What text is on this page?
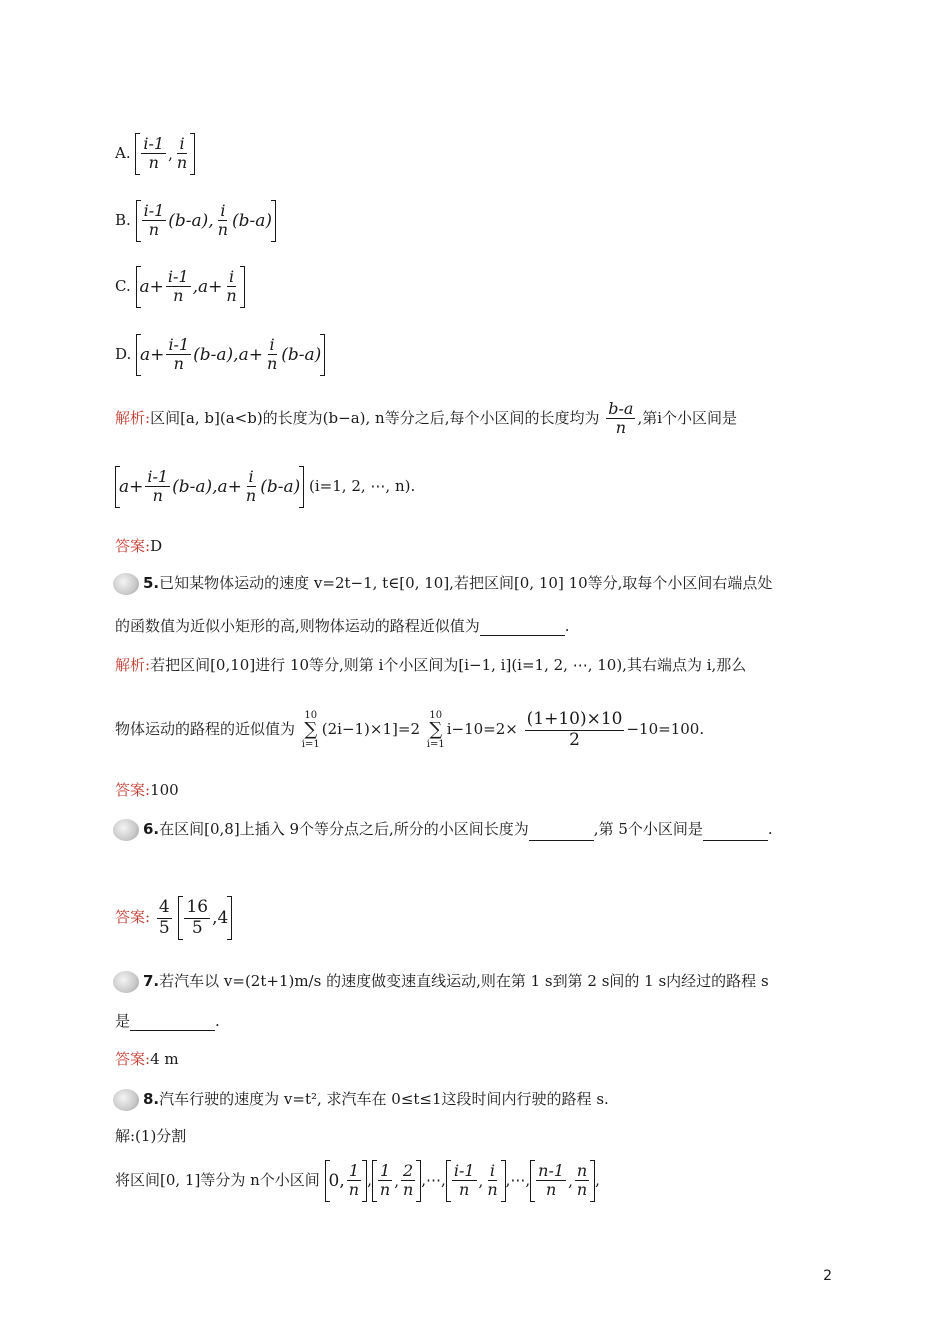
A. $\frac{i-1}{n}$ , $\frac{i}{n}$
B. $\frac{i-1}{n} (b-a)$, $\frac{i}{n} (b-a)$
C. $a+ \frac{i-1}{n} ,a+ \frac{i}{n}$
D. $a+ \frac{i-1}{n} (b-a),a+ \frac{i}{n} (b-a)$
解析:区间[a, b](a<b)的长度为(b−a), n等分之后,每个小区间的长度均为 $\frac{b-a}{n}$ ,第i个小区间是
$a+ \frac{i-1}{n} (b-a),a+ \frac{i}{n} (b-a)$ (i=1, 2, ⋯, n).
答案:D
5.已知某物体运动的速度 v=2t−1, t∈[0, 10],若把区间[0, 10] 10等分,取每个小区间右端点处
的函数值为近似小矩形的高,则物体运动的路程近似值为	.
解析:若把区间[0,10]进行 10等分,则第 i个小区间为[i−1, i](i=1, 2, ⋯, 10),其右端点为 i,那么
物体运动的路程的近似值为
10
∑
i=1
(2i−1)×1]=2
10
∑
i=1
$i-10=2\times \frac{(1+10)\times 10}{2} -10=100$.
答案:100
6.在区间[0,8]上插入 9个等分点之后,所分的小区间长度为	,第 5个小区间是	.
答案: $\frac{4}{5}$
$\frac{16}{5}$ , 4
7.若汽车以 v=(2t+1)m/s 的速度做变速直线运动,则在第 1 s到第 2 s间的 1 s内经过的路程 s
是	.
答案:4 m
8.汽车行驶的速度为 v=t², 求汽车在 0≤t≤1这段时间内行驶的路程 s.
解:(1)分割
将区间[0, 1]等分为 n个小区间 0, $\frac{1}{n}$ , $\frac{1}{n}$ , $\frac{2}{n}$ ,⋯, $\frac{i-1}{n}$ , $\frac{i}{n}$ ,⋯, $\frac{n-1}{n}$ , $\frac{n}{n}$ ,
2
